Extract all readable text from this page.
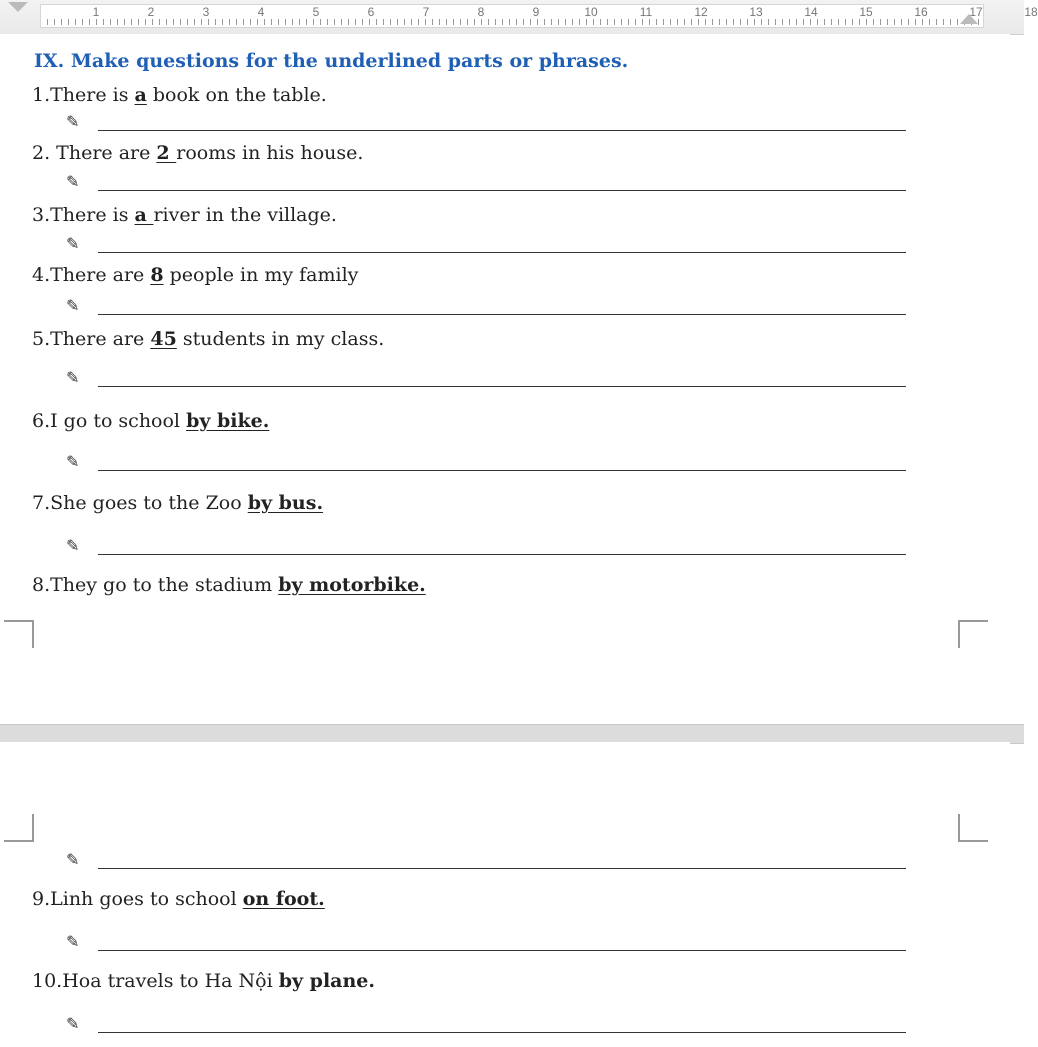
1	2	3	4	5	6	7	8	9	10	11	12	13	14	15	16	17	18
IX. Make questions for the underlined parts or phrases.
1.There is a book on the table.
✎
2. There are 2 rooms in his house.
✎
3.There is a river in the village.
✎
4.There are 8 people in my family
✎
5.There are 45 students in my class.
✎
6.I go to school by bike.
✎
7.She goes to the Zoo by bus.
✎
8.They go to the stadium by motorbike.
✎
9.Linh goes to school on foot.
✎
10.Hoa travels to Ha Nội by plane.
✎
